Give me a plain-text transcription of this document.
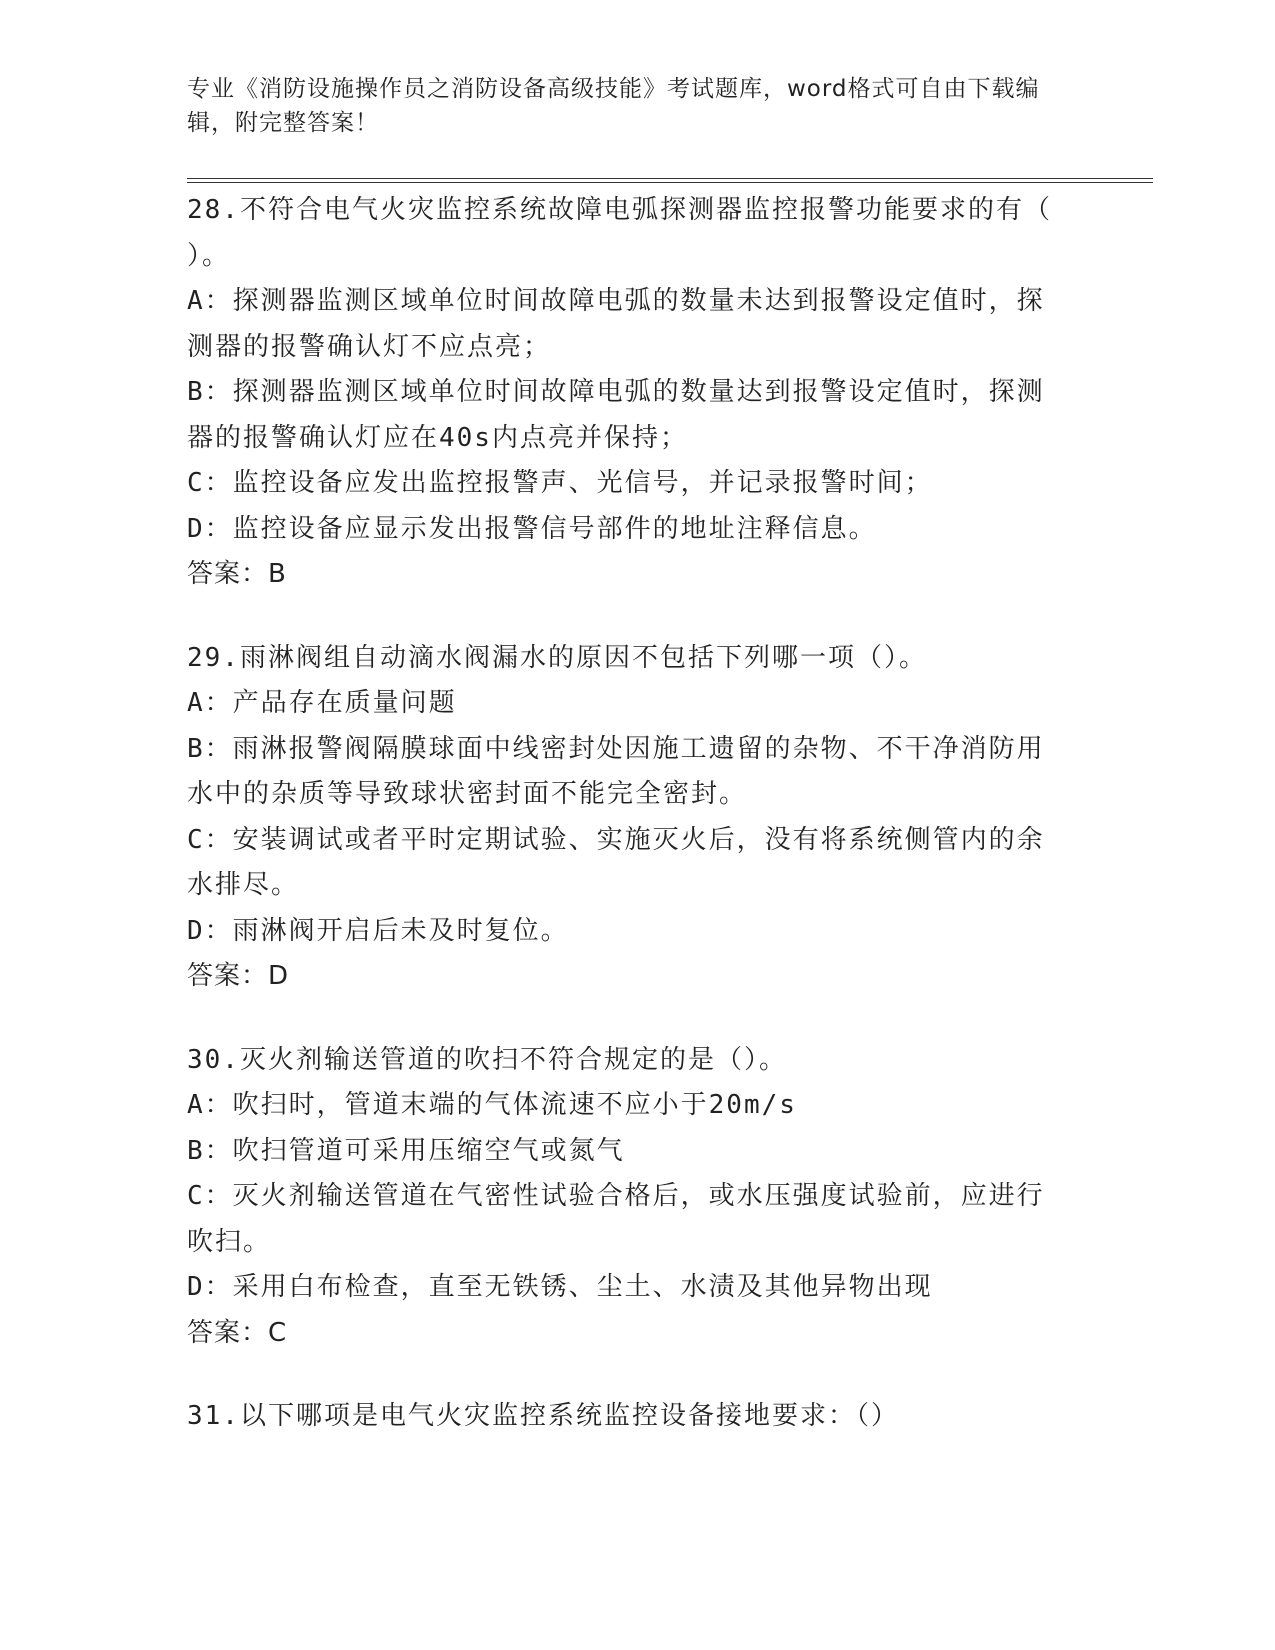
专业《消防设施操作员之消防设备高级技能》考试题库，word格式可自由下载编
辑，附完整答案！

28.不符合电气火灾监控系统故障电弧探测器监控报警功能要求的有（

）。

A：探测器监测区域单位时间故障电弧的数量未达到报警设定值时，探

测器的报警确认灯不应点亮；

B：探测器监测区域单位时间故障电弧的数量达到报警设定值时，探测

器的报警确认灯应在40s内点亮并保持；

C：监控设备应发出监控报警声、光信号，并记录报警时间；

D：监控设备应显示发出报警信号部件的地址注释信息。

答案：B

29.雨淋阀组自动滴水阀漏水的原因不包括下列哪一项（）。

A：产品存在质量问题

B：雨淋报警阀隔膜球面中线密封处因施工遗留的杂物、不干净消防用

水中的杂质等导致球状密封面不能完全密封。

C：安装调试或者平时定期试验、实施灭火后，没有将系统侧管内的余

水排尽。

D：雨淋阀开启后未及时复位。

答案：D

30.灭火剂输送管道的吹扫不符合规定的是（）。

A：吹扫时，管道末端的气体流速不应小于20m/s

B：吹扫管道可采用压缩空气或氮气

C：灭火剂输送管道在气密性试验合格后，或水压强度试验前，应进行

吹扫。

D：采用白布检查，直至无铁锈、尘土、水渍及其他异物出现

答案：C

31.以下哪项是电气火灾监控系统监控设备接地要求：（）
